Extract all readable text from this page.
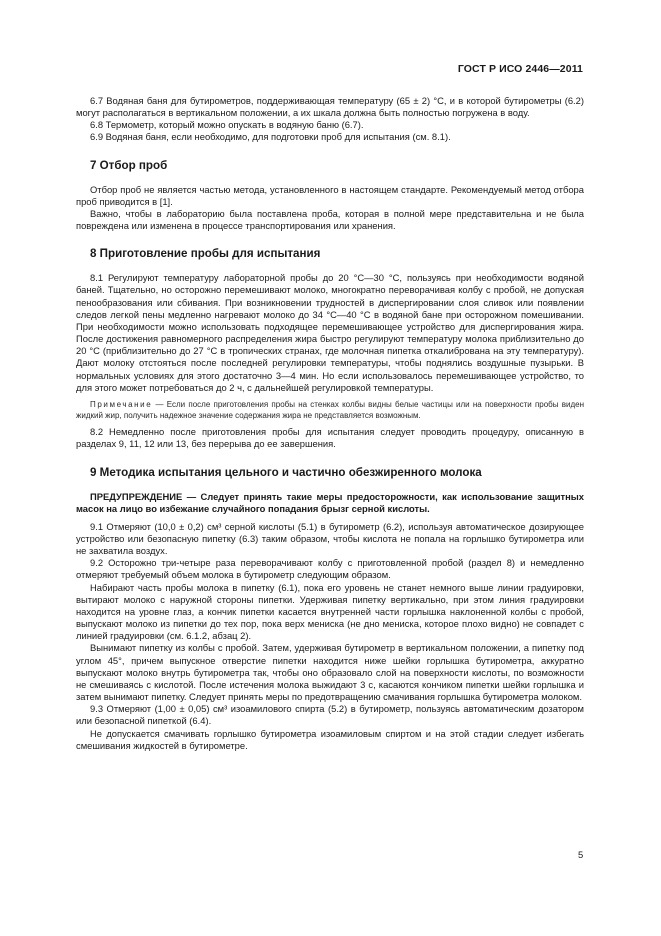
ГОСТ Р ИСО 2446—2011

6.7 Водяная баня для бутирометров, поддерживающая температуру (65 ± 2) °С, и в которой бутирометры (6.2) могут располагаться в вертикальном положении, а их шкала должна быть полностью погружена в воду.

6.8 Термометр, который можно опускать в водяную баню (6.7).

6.9 Водяная баня, если необходимо, для подготовки проб для испытания (см. 8.1).

7 Отбор проб

Отбор проб не является частью метода, установленного в настоящем стандарте. Рекомендуемый метод отбора проб приводится в [1].

Важно, чтобы в лабораторию была поставлена проба, которая в полной мере представительна и не была повреждена или изменена в процессе транспортирования или хранения.

8 Приготовление пробы для испытания

8.1 Регулируют температуру лабораторной пробы до 20 °С—30 °С, пользуясь при необходимости водяной баней. Тщательно, но осторожно перемешивают молоко, многократно переворачивая колбу с пробой, не допуская пенообразования или сбивания. При возникновении трудностей в диспергировании слоя сливок или появлении следов легкой пены медленно нагревают молоко до 34 °С—40 °С в водяной бане при осторожном помешивании. При необходимости можно использовать подходящее перемешивающее устройство для диспергирования жира. После достижения равномерного распределения жира быстро регулируют температуру молока приблизительно до 20 °С (приблизительно до 27 °С в тропических странах, где молочная пипетка откалибрована на эту температуру). Дают молоку отстояться после последней регулировки температуры, чтобы поднялись воздушные пузырьки. В нормальных условиях для этого достаточно 3—4 мин. Но если использовалось перемешивающее устройство, то для этого может потребоваться до 2 ч, с дальнейшей регулировкой температуры.

Примечание — Если после приготовления пробы на стенках колбы видны белые частицы или на поверхности пробы виден жидкий жир, получить надежное значение содержания жира не представляется возможным.

8.2 Немедленно после приготовления пробы для испытания следует проводить процедуру, описанную в разделах 9, 11, 12 или 13, без перерыва до ее завершения.

9 Методика испытания цельного и частично обезжиренного молока

ПРЕДУПРЕЖДЕНИЕ — Следует принять такие меры предосторожности, как использование защитных масок на лицо во избежание случайного попадания брызг серной кислоты.

9.1 Отмеряют (10,0 ± 0,2) см³ серной кислоты (5.1) в бутирометр (6.2), используя автоматическое дозирующее устройство или безопасную пипетку (6.3) таким образом, чтобы кислота не попала на горлышко бутирометра или не захватила воздух.

9.2 Осторожно три-четыре раза переворачивают колбу с приготовленной пробой (раздел 8) и немедленно отмеряют требуемый объем молока в бутирометр следующим образом.

Набирают часть пробы молока в пипетку (6.1), пока его уровень не станет немного выше линии градуировки, вытирают молоко с наружной стороны пипетки. Удерживая пипетку вертикально, при этом линия градуировки находится на уровне глаз, а кончик пипетки касается внутренней части горлышка наклоненной колбы с пробой, выпускают молоко из пипетки до тех пор, пока верх мениска (не дно мениска, которое плохо видно) не совпадет с линией градуировки (см. 6.1.2, абзац 2).

Вынимают пипетку из колбы с пробой. Затем, удерживая бутирометр в вертикальном положении, а пипетку под углом 45°, причем выпускное отверстие пипетки находится ниже шейки горлышка бутирометра, аккуратно выпускают молоко внутрь бутирометра так, чтобы оно образовало слой на поверхности кислоты, по возможности не смешиваясь с кислотой. После истечения молока выжидают 3 с, касаются кончиком пипетки шейки горлышка и затем вынимают пипетку. Следует принять меры по предотвращению смачивания горлышка бутирометра молоком.

9.3 Отмеряют (1,00 ± 0,05) см³ изоамилового спирта (5.2) в бутирометр, пользуясь автоматическим дозатором или безопасной пипеткой (6.4).

Не допускается смачивать горлышко бутирометра изоамиловым спиртом и на этой стадии следует избегать смешивания жидкостей в бутирометре.

5
